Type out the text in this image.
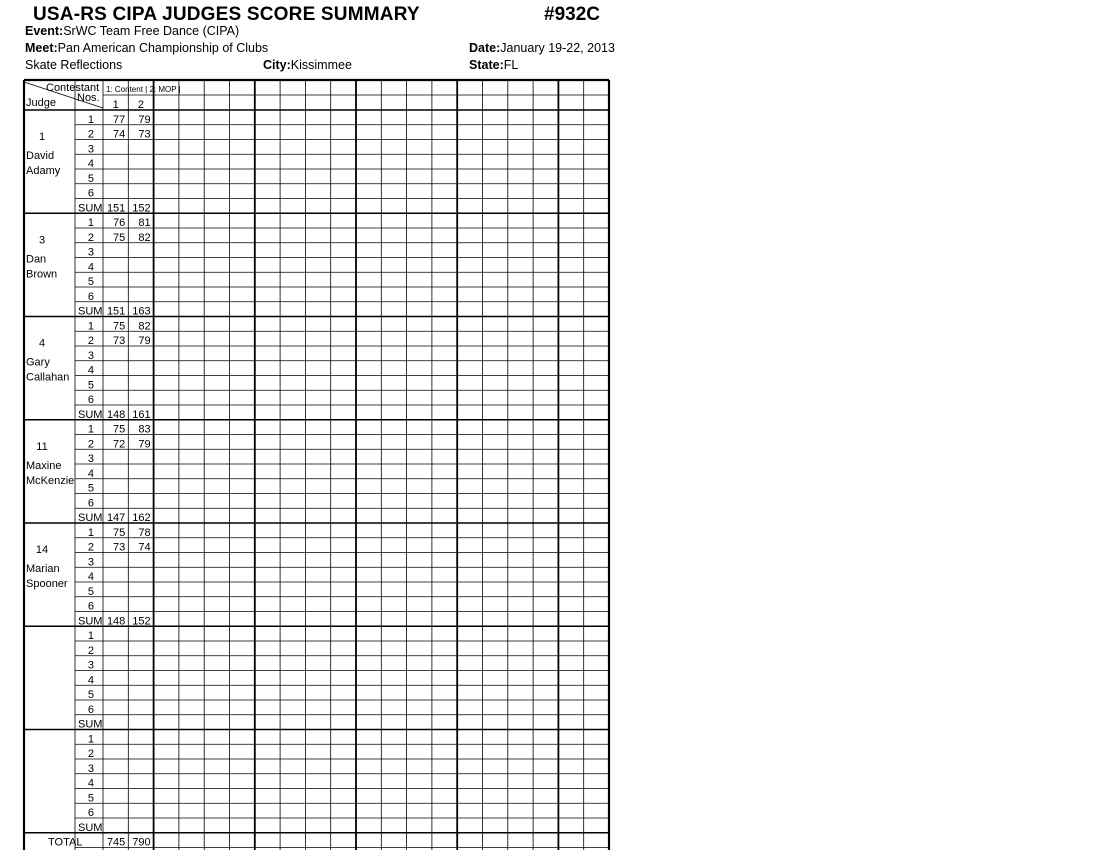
USA-RS CIPA JUDGES SCORE SUMMARY	#932C
Event:SrWC Team Free Dance (CIPA)
Meet:Pan American Championship of Clubs	Date:January 19-22, 2013
Skate Reflections	City:Kissimmee	State:FL
Contestant
Nos.
Judge
1: Content | 2: MOP |
1 2
1
David
Adamy
1 77 79
2 74 73
3
4
5
6
SUM 151 152
3
Dan
Brown
1 76 81
2 75 82
3
4
5
6
SUM 151 163
4
Gary
Callahan
1 75 82
2 73 79
3
4
5
6
SUM 148 161
11
Maxine
McKenzie
1 75 83
2 72 79
3
4
5
6
SUM 147 162
14
Marian
Spooner
1 75 78
2 73 74
3
4
5
6
SUM 148 152
1
2
3
4
5
6
SUM
1
2
3
4
5
6
SUM
TOTAL 745 790
